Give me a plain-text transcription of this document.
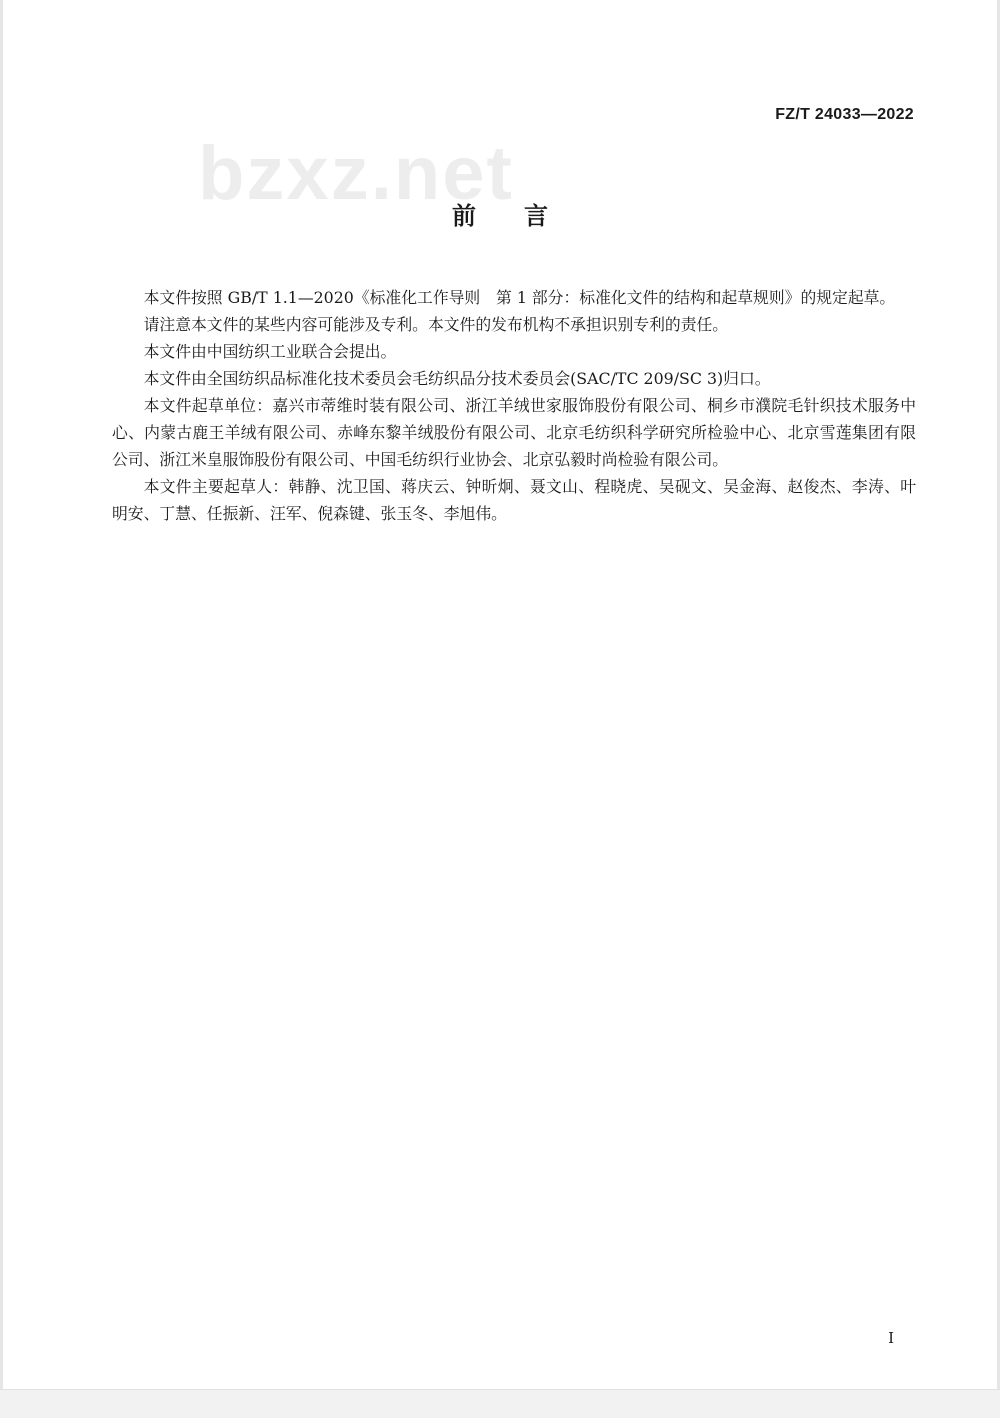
FZ/T 24033—2022
bzxz.net
前言

本文件按照 GB/T 1.1—2020《标准化工作导则　第 1 部分：标准化文件的结构和起草规则》的规定起草。

请注意本文件的某些内容可能涉及专利。本文件的发布机构不承担识别专利的责任。

本文件由中国纺织工业联合会提出。

本文件由全国纺织品标准化技术委员会毛纺织品分技术委员会(SAC/TC 209/SC 3)归口。

本文件起草单位：嘉兴市蒂维时装有限公司、浙江羊绒世家服饰股份有限公司、桐乡市濮院毛针织技术服务中心、内蒙古鹿王羊绒有限公司、赤峰东黎羊绒股份有限公司、北京毛纺织科学研究所检验中心、北京雪莲集团有限公司、浙江米皇服饰股份有限公司、中国毛纺织行业协会、北京弘毅时尚检验有限公司。

本文件主要起草人：韩静、沈卫国、蒋庆云、钟昕炯、聂文山、程晓虎、吴砚文、吴金海、赵俊杰、李涛、叶明安、丁慧、任振新、汪军、倪森键、张玉冬、李旭伟。

I
